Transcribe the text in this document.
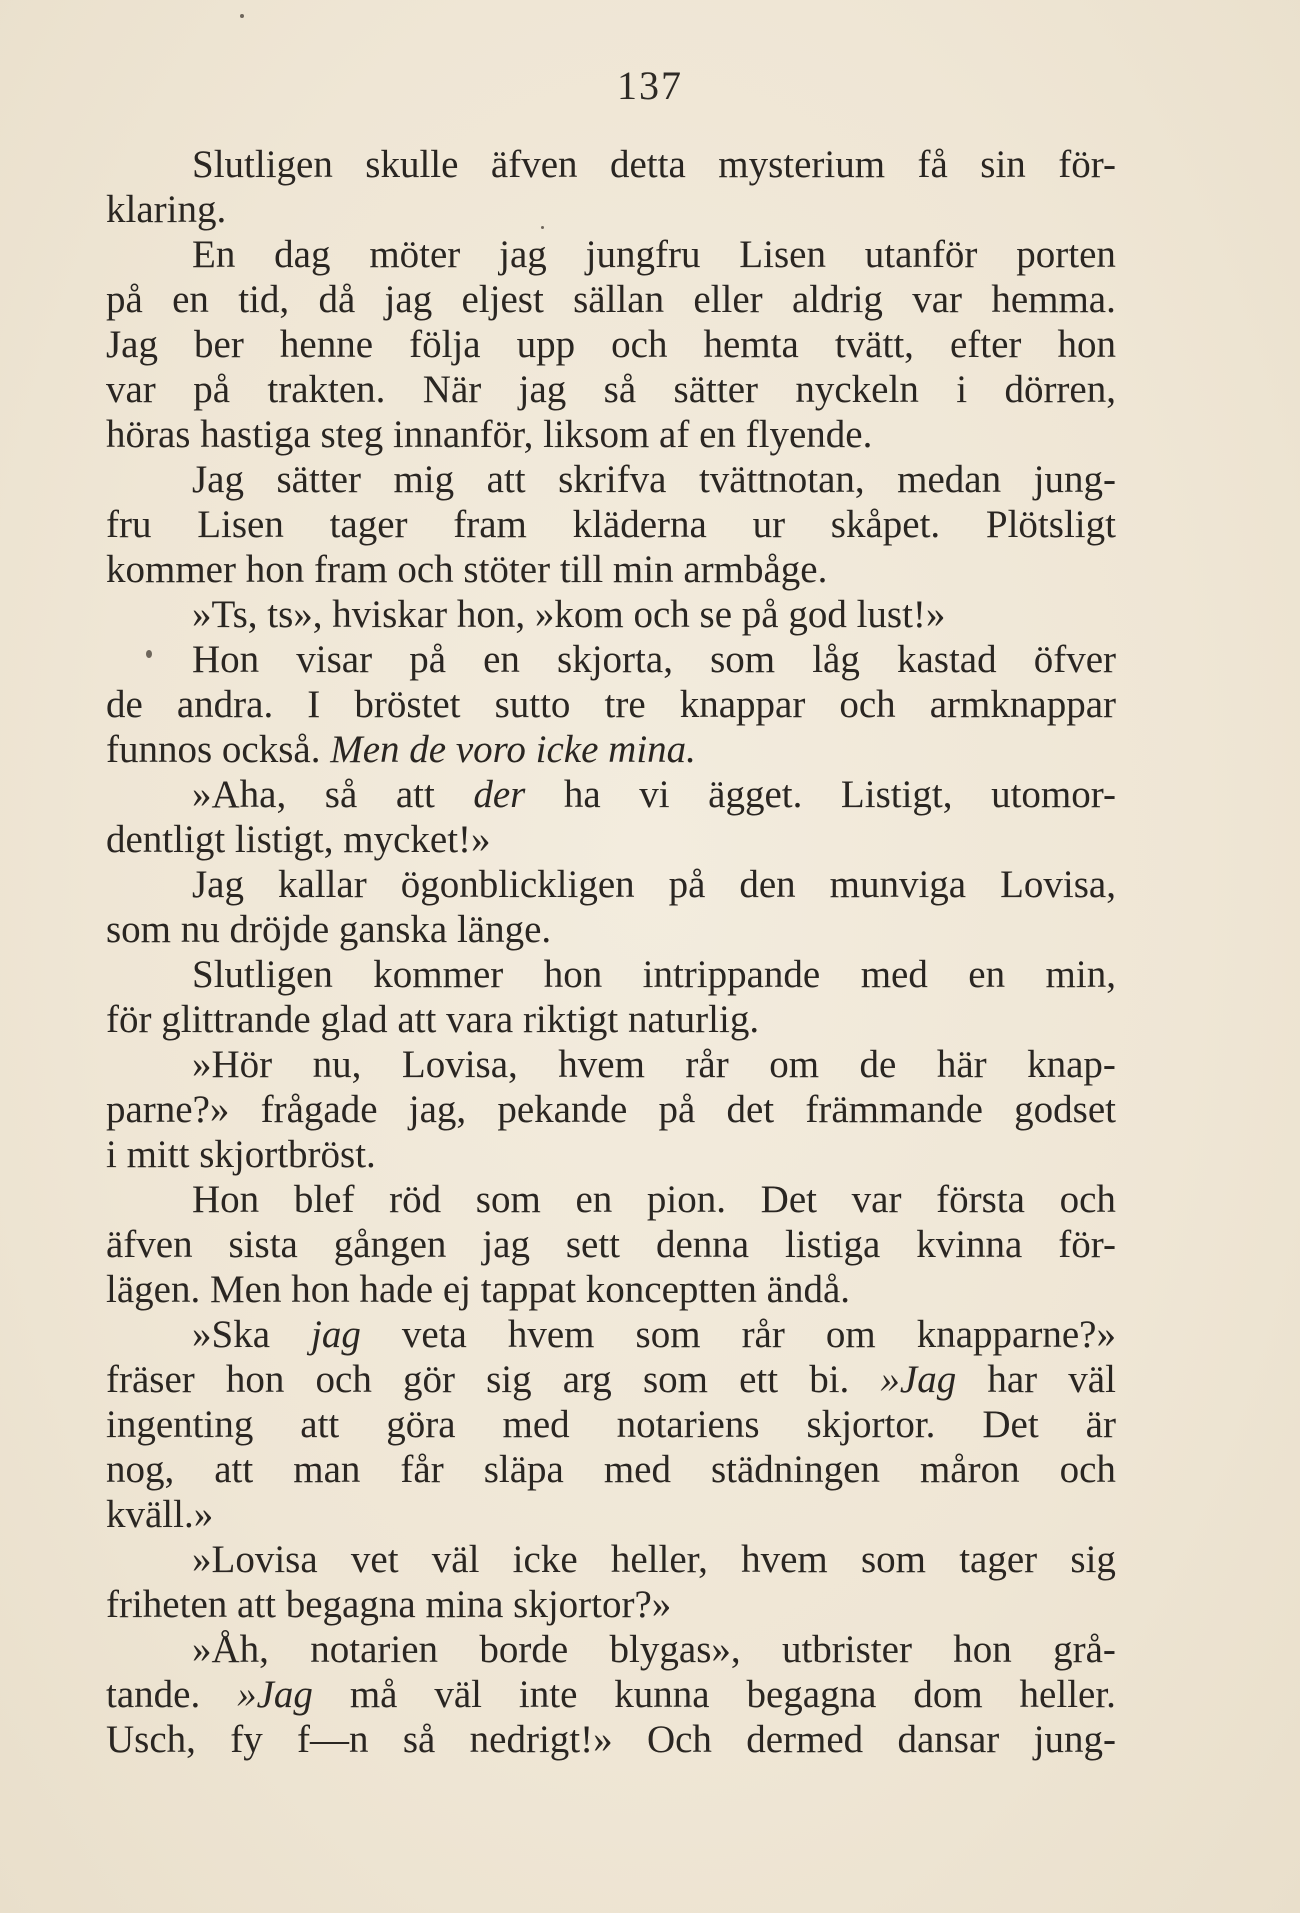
137
Slutligen skulle äfven detta mysterium få sin för-
klaring.
En dag möter jag jungfru Lisen utanför porten
på en tid, då jag eljest sällan eller aldrig var hemma.
Jag ber henne följa upp och hemta tvätt, efter hon
var på trakten. När jag så sätter nyckeln i dörren,
höras hastiga steg innanför, liksom af en flyende.
Jag sätter mig att skrifva tvättnotan, medan jung-
fru Lisen tager fram kläderna ur skåpet. Plötsligt
kommer hon fram och stöter till min armbåge.
»Ts, ts», hviskar hon, »kom och se på god lust!»
Hon visar på en skjorta, som låg kastad öfver
de andra. I bröstet sutto tre knappar och armknappar
funnos också. Men de voro icke mina.
»Aha, så att der ha vi ägget. Listigt, utomor-
dentligt listigt, mycket!»
Jag kallar ögonblickligen på den munviga Lovisa,
som nu dröjde ganska länge.
Slutligen kommer hon intrippande med en min,
för glittrande glad att vara riktigt naturlig.
»Hör nu, Lovisa, hvem rår om de här knap-
parne?» frågade jag, pekande på det främmande godset
i mitt skjortbröst.
Hon blef röd som en pion. Det var första och
äfven sista gången jag sett denna listiga kvinna för-
lägen. Men hon hade ej tappat konceptten ändå.
»Ska jag veta hvem som rår om knapparne?»
fräser hon och gör sig arg som ett bi. »Jag har väl
ingenting att göra med notariens skjortor. Det är
nog, att man får släpa med städningen måron och
kväll.»
»Lovisa vet väl icke heller, hvem som tager sig
friheten att begagna mina skjortor?»
»Åh, notarien borde blygas», utbrister hon grå-
tande. »Jag må väl inte kunna begagna dom heller.
Usch, fy f—n så nedrigt!» Och dermed dansar jung-
